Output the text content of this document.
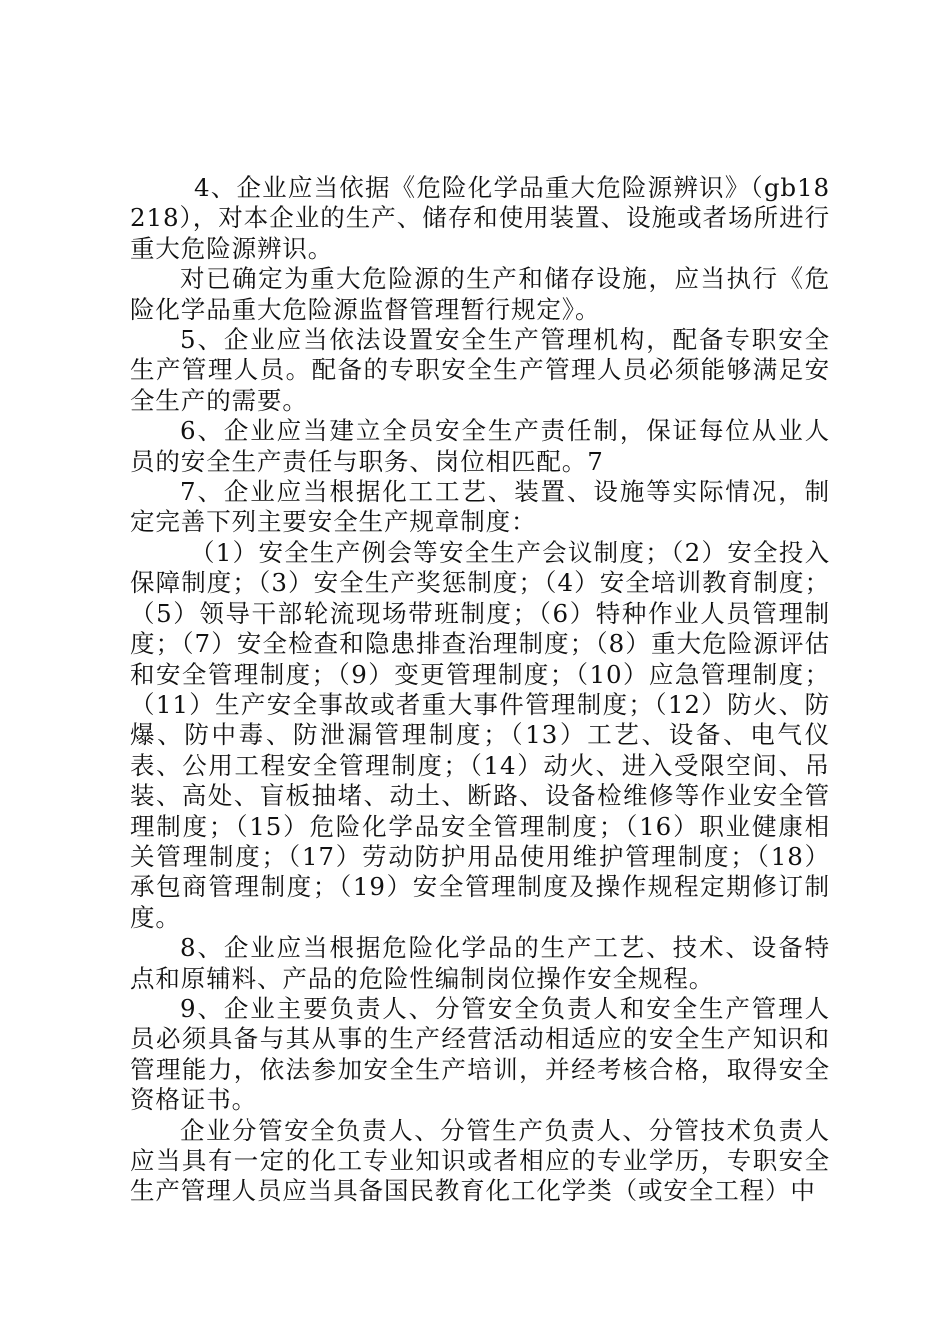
4、企业应当依据《危险化学品重大危险源辨识》（gb18218），对本企业的生产、储存和使用装置、设施或者场所进行重大危险源辨识。

对已确定为重大危险源的生产和储存设施，应当执行《危险化学品重大危险源监督管理暂行规定》。

5、企业应当依法设置安全生产管理机构，配备专职安全生产管理人员。配备的专职安全生产管理人员必须能够满足安全生产的需要。

6、企业应当建立全员安全生产责任制，保证每位从业人员的安全生产责任与职务、岗位相匹配。7

7、企业应当根据化工工艺、装置、设施等实际情况，制定完善下列主要安全生产规章制度：

（1）安全生产例会等安全生产会议制度；（2）安全投入保障制度；（3）安全生产奖惩制度；（4）安全培训教育制度；（5）领导干部轮流现场带班制度；（6）特种作业人员管理制度；（7）安全检查和隐患排查治理制度；（8）重大危险源评估和安全管理制度；（9）变更管理制度；（10）应急管理制度；（11）生产安全事故或者重大事件管理制度；（12）防火、防爆、防中毒、防泄漏管理制度；（13）工艺、设备、电气仪表、公用工程安全管理制度；（14）动火、进入受限空间、吊装、高处、盲板抽堵、动土、断路、设备检维修等作业安全管理制度；（15）危险化学品安全管理制度；（16）职业健康相关管理制度；（17）劳动防护用品使用维护管理制度；（18）承包商管理制度；（19）安全管理制度及操作规程定期修订制度。

8、企业应当根据危险化学品的生产工艺、技术、设备特点和原辅料、产品的危险性编制岗位操作安全规程。

9、企业主要负责人、分管安全负责人和安全生产管理人员必须具备与其从事的生产经营活动相适应的安全生产知识和管理能力，依法参加安全生产培训，并经考核合格，取得安全资格证书。

企业分管安全负责人、分管生产负责人、分管技术负责人应当具有一定的化工专业知识或者相应的专业学历，专职安全生产管理人员应当具备国民教育化工化学类（或安全工程）中
